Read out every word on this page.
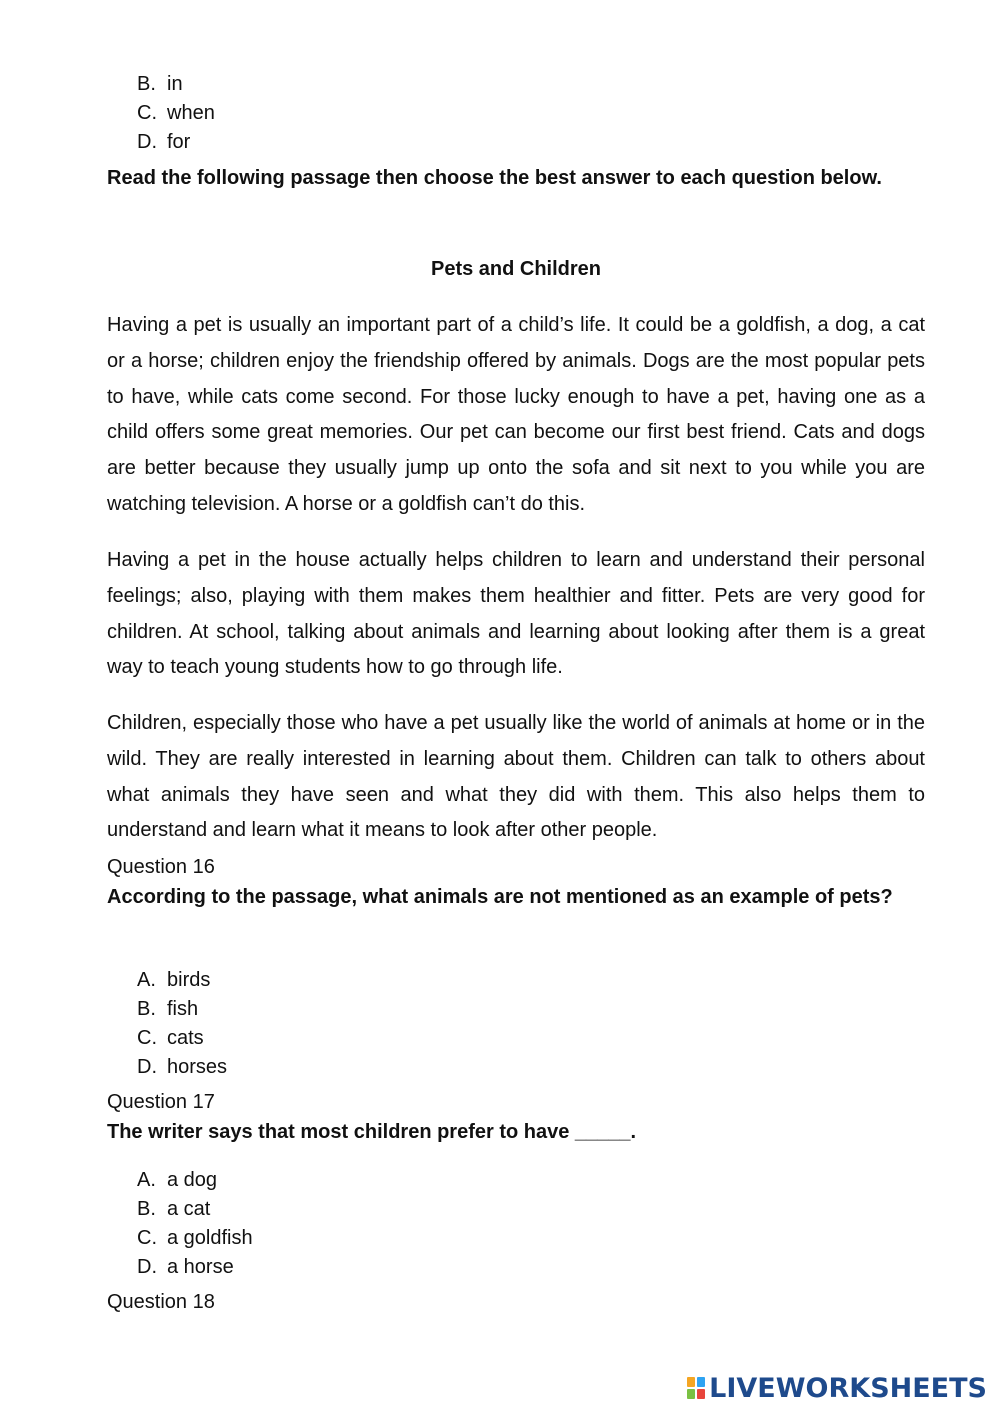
B. in
C. when
D. for
Read the following passage then choose the best answer to each question below.
Pets and Children

Having a pet is usually an important part of a child’s life. It could be a goldfish, a dog, a cat or a horse; children enjoy the friendship offered by animals. Dogs are the most popular pets to have, while cats come second. For those lucky enough to have a pet, having one as a child offers some great memories. Our pet can become our first best friend. Cats and dogs are better because they usually jump up onto the sofa and sit next to you while you are watching television. A horse or a goldfish can’t do this.

Having a pet in the house actually helps children to learn and understand their personal feelings; also, playing with them makes them healthier and fitter. Pets are very good for children. At school, talking about animals and learning about looking after them is a great way to teach young students how to go through life.

Children, especially those who have a pet usually like the world of animals at home or in the wild. They are really interested in learning about them. Children can talk to others about what animals they have seen and what they did with them. This also helps them to understand and learn what it means to look after other people.

Question 16
According to the passage, what animals are not mentioned as an example of pets?
A. birds
B. fish
C. cats
D. horses
Question 17
The writer says that most children prefer to have _____.
A. a dog
B. a cat
C. a goldfish
D. a horse
Question 18
LIVEWORKSHEETS
